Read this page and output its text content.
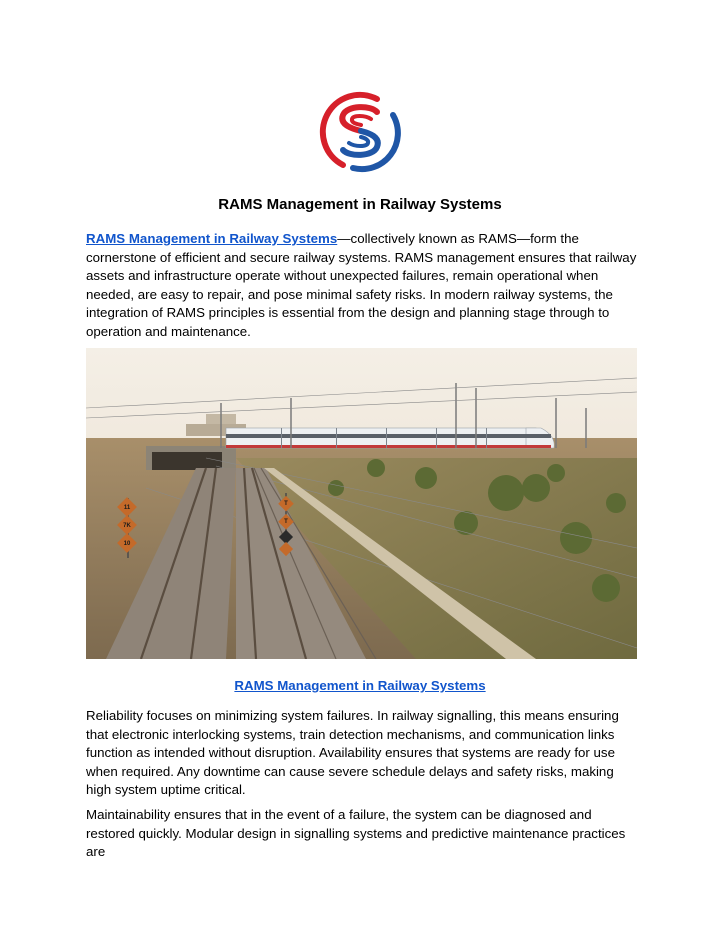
RAMS Management in Railway Systems

RAMS Management in Railway Systems—collectively known as RAMS—form the cornerstone of efficient and secure railway systems. RAMS management ensures that railway assets and infrastructure operate without unexpected failures, remain operational when needed, are easy to repair, and pose minimal safety risks. In modern railway systems, the integration of RAMS principles is essential from the design and planning stage through to operation and maintenance.

11
7K
10
T
T

RAMS Management in Railway Systems

Reliability focuses on minimizing system failures. In railway signalling, this means ensuring that electronic interlocking systems, train detection mechanisms, and communication links function as intended without disruption. Availability ensures that systems are ready for use when required. Any downtime can cause severe schedule delays and safety risks, making high system uptime critical.

Maintainability ensures that in the event of a failure, the system can be diagnosed and restored quickly. Modular design in signalling systems and predictive maintenance practices are
